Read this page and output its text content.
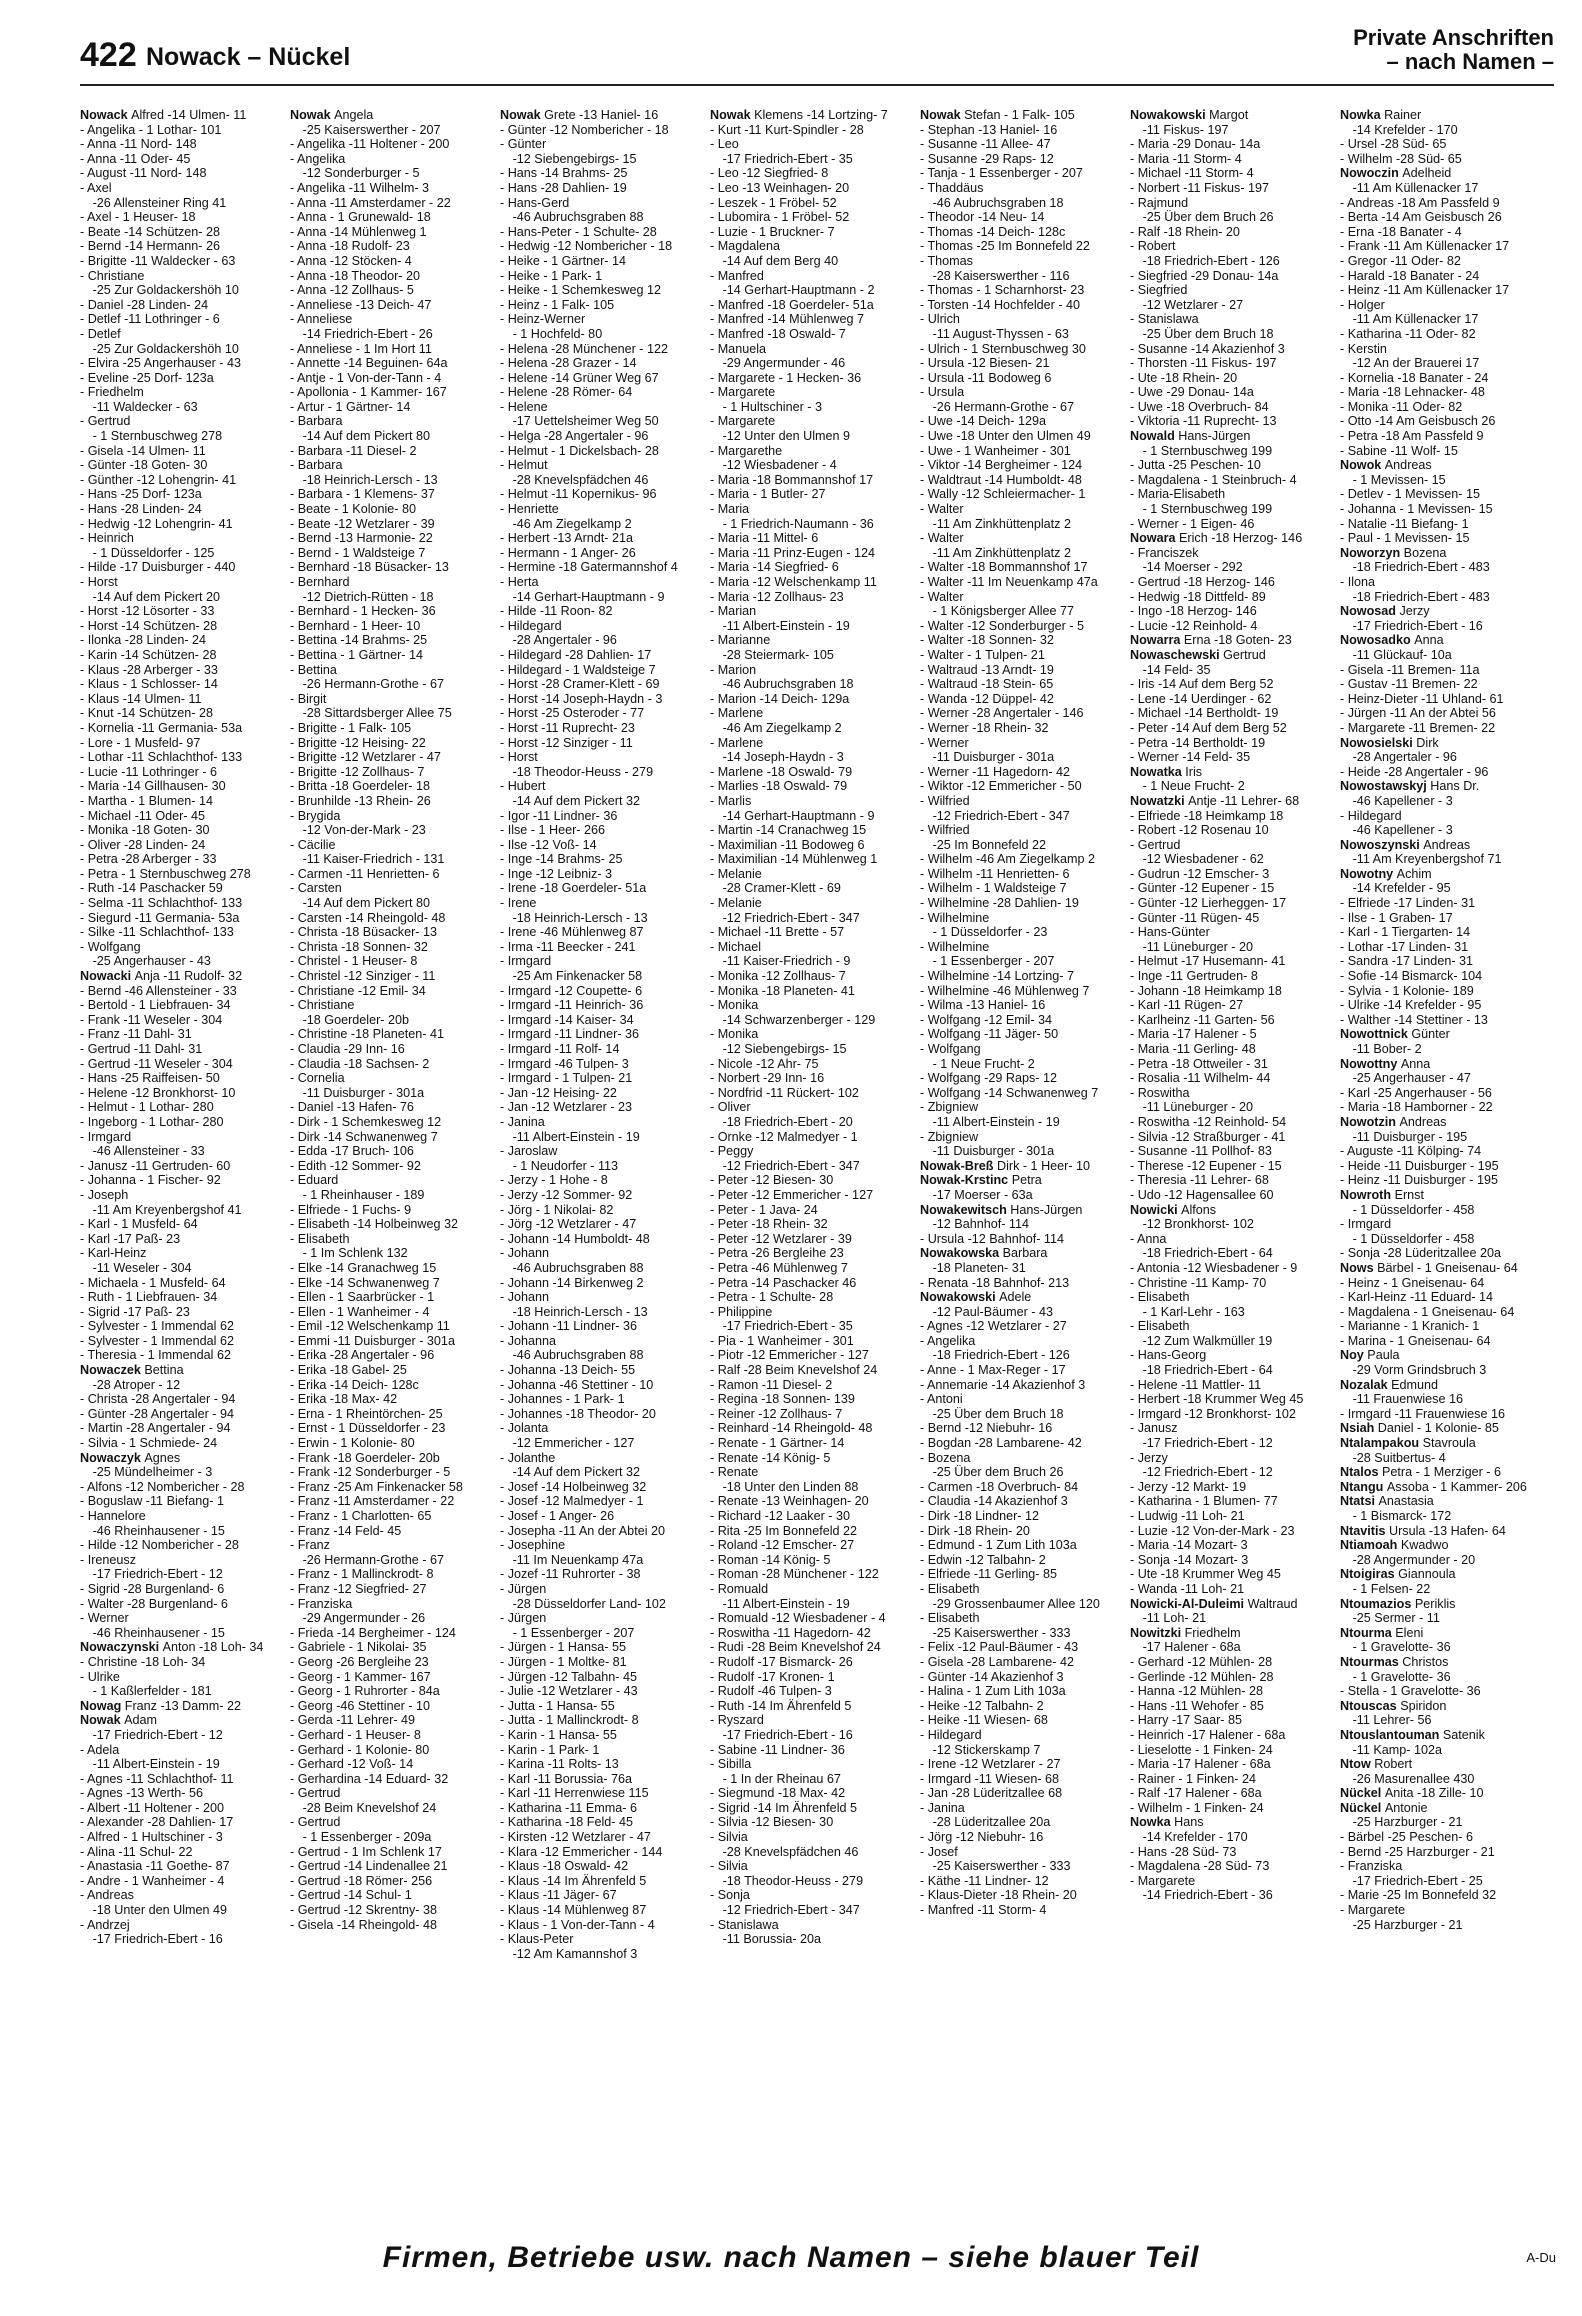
422 Nowack – Nückel
Private Anschriften
– nach Namen –
Nowack Alfred -14 Ulmen- 11
- Angelika - 1 Lothar- 101
- Anna -11 Nord- 148
- Anna -11 Oder- 45
- August -11 Nord- 148
- Axel
 -26 Allensteiner Ring 41
- Axel - 1 Heuser- 18
- Beate -14 Schützen- 28
- Bernd -14 Hermann- 26
- Brigitte -11 Waldecker - 63
- Christiane
 -25 Zur Goldackershöh 10
- Daniel -28 Linden- 24
- Detlef -11 Lothringer - 6
- Detlef
 -25 Zur Goldackershöh 10
- Elvira -25 Angerhauser - 43
- Eveline -25 Dorf- 123a
- Friedhelm
 -11 Waldecker - 63
- Gertrud
 - 1 Sternbuschweg 278
- Gisela -14 Ulmen- 11
- Günter -18 Goten- 30
- Günther -12 Lohengrin- 41
- Hans -25 Dorf- 123a
- Hans -28 Linden- 24
- Hedwig -12 Lohengrin- 41
- Heinrich
 - 1 Düsseldorfer - 125
- Hilde -17 Duisburger - 440
- Horst
 -14 Auf dem Pickert 20
- Horst -12 Lösorter - 33
- Horst -14 Schützen- 28
- Ilonka -28 Linden- 24
- Karin -14 Schützen- 28
- Klaus -28 Arberger - 33
- Klaus - 1 Schlosser- 14
- Klaus -14 Ulmen- 11
- Knut -14 Schützen- 28
- Kornelia -11 Germania- 53a
- Lore - 1 Musfeld- 97
- Lothar -11 Schlachthof- 133
- Lucie -11 Lothringer - 6
- Maria -14 Gillhausen- 30
- Martha - 1 Blumen- 14
- Michael -11 Oder- 45
- Monika -18 Goten- 30
- Oliver -28 Linden- 24
- Petra -28 Arberger - 33
- Petra - 1 Sternbuschweg 278
- Ruth -14 Paschacker 59
- Selma -11 Schlachthof- 133
- Siegurd -11 Germania- 53a
- Silke -11 Schlachthof- 133
- Wolfgang
 -25 Angerhauser - 43
Nowacki Anja -11 Rudolf- 32
- Bernd -46 Allensteiner - 33
- Bertold - 1 Liebfrauen- 34
- Frank -11 Weseler - 304
- Franz -11 Dahl- 31
- Gertrud -11 Dahl- 31
- Gertrud -11 Weseler - 304
- Hans -25 Raiffeisen- 50
- Helene -12 Bronkhorst- 10
- Helmut - 1 Lothar- 280
- Ingeborg - 1 Lothar- 280
- Irmgard
 -46 Allensteiner - 33
- Janusz -11 Gertruden- 60
- Johanna - 1 Fischer- 92
- Joseph
 -11 Am Kreyenbergshof 41
- Karl - 1 Musfeld- 64
- Karl -17 Paß- 23
- Karl-Heinz
 -11 Weseler - 304
- Michaela - 1 Musfeld- 64
- Ruth - 1 Liebfrauen- 34
- Sigrid -17 Paß- 23
- Sylvester - 1 Immendal 62
- Sylvester - 1 Immendal 62
- Theresia - 1 Immendal 62
Nowaczek Bettina
 -28 Atroper - 12
- Christa -28 Angertaler - 94
- Günter -28 Angertaler - 94
- Martin -28 Angertaler - 94
- Silvia - 1 Schmiede- 24
Nowaczyk Agnes
 -25 Mündelheimer - 3
- Alfons -12 Nombericher - 28
- Boguslaw -11 Biefang- 1
- Hannelore
 -46 Rheinhausener - 15
- Hilde -12 Nombericher - 28
- Ireneusz
 -17 Friedrich-Ebert - 12
- Sigrid -28 Burgenland- 6
- Walter -28 Burgenland- 6
- Werner
 -46 Rheinhausener - 15
Nowaczynski Anton -18 Loh- 34
- Christine -18 Loh- 34
- Ulrike
 - 1 Kaßlerfelder - 181
Nowag Franz -13 Damm- 22
Nowak Adam
 -17 Friedrich-Ebert - 12
- Adela
 -11 Albert-Einstein - 19
- Agnes -11 Schlachthof- 11
- Agnes -13 Werth- 56
- Albert -11 Holtener - 200
- Alexander -28 Dahlien- 17
- Alfred - 1 Hultschiner - 3
- Alina -11 Schul- 22
- Anastasia -11 Goethe- 87
- Andre - 1 Wanheimer - 4
- Andreas
 -18 Unter den Ulmen 49
- Andrzej
 -17 Friedrich-Ebert - 16
Nowak Angela
 -25 Kaiserswerther - 207
- Angelika -11 Holtener - 200
- Angelika
 -12 Sonderburger - 5
- Angelika -11 Wilhelm- 3
- Anna -11 Amsterdamer - 22
- Anna - 1 Grunewald- 18
- Anna -14 Mühlenweg 1
- Anna -18 Rudolf- 23
- Anna -12 Stöcken- 4
- Anna -18 Theodor- 20
- Anna -12 Zollhaus- 5
- Anneliese -13 Deich- 47
- Anneliese
 -14 Friedrich-Ebert - 26
- Anneliese - 1 Im Hort 11
- Annette -14 Beguinen- 64a
- Antje - 1 Von-der-Tann - 4
- Apollonia - 1 Kammer- 167
- Artur - 1 Gärtner- 14
- Barbara
 -14 Auf dem Pickert 80
- Barbara -11 Diesel- 2
- Barbara
 -18 Heinrich-Lersch - 13
- Barbara - 1 Klemens- 37
- Beate - 1 Kolonie- 80
- Beate -12 Wetzlarer - 39
- Bernd -13 Harmonie- 22
- Bernd - 1 Waldsteige 7
- Bernhard -18 Büsacker- 13
- Bernhard
 -12 Dietrich-Rütten - 18
- Bernhard - 1 Hecken- 36
- Bernhard - 1 Heer- 10
- Bettina -14 Brahms- 25
- Bettina - 1 Gärtner- 14
- Bettina
 -26 Hermann-Grothe - 67
- Birgit
 -28 Sittardsberger Allee 75
- Brigitte - 1 Falk- 105
- Brigitte -12 Heising- 22
- Brigitte -12 Wetzlarer - 47
- Brigitte -12 Zollhaus- 7
- Britta -18 Goerdeler- 18
- Brunhilde -13 Rhein- 26
- Brygida
 -12 Von-der-Mark - 23
- Cäcilie
 -11 Kaiser-Friedrich - 131
- Carmen -11 Henrietten- 6
- Carsten
 -14 Auf dem Pickert 80
- Carsten -14 Rheingold- 48
- Christa -18 Büsacker- 13
- Christa -18 Sonnen- 32
- Christel - 1 Heuser- 8
- Christel -12 Sinziger - 11
- Christiane -12 Emil- 34
- Christiane
 -18 Goerdeler- 20b
- Christine -18 Planeten- 41
- Claudia -29 Inn- 16
- Claudia -18 Sachsen- 2
- Cornelia
 -11 Duisburger - 301a
- Daniel -13 Hafen- 76
- Dirk - 1 Schemkesweg 12
- Dirk -14 Schwanenweg 7
- Edda -17 Bruch- 106
- Edith -12 Sommer- 92
- Eduard
 - 1 Rheinhauser - 189
- Elfriede - 1 Fuchs- 9
- Elisabeth -14 Holbeinweg 32
- Elisabeth
 - 1 Im Schlenk 132
- Elke -14 Granachweg 15
- Elke -14 Schwanenweg 7
- Ellen - 1 Saarbrücker - 1
- Ellen - 1 Wanheimer - 4
- Emil -12 Welschenkamp 11
- Emmi -11 Duisburger - 301a
- Erika -28 Angertaler - 96
- Erika -18 Gabel- 25
- Erika -14 Deich- 128c
- Erika -18 Max- 42
- Erna - 1 Rheintörchen- 25
- Ernst - 1 Düsseldorfer - 23
- Erwin - 1 Kolonie- 80
- Frank -18 Goerdeler- 20b
- Frank -12 Sonderburger - 5
- Franz -25 Am Finkenacker 58
- Franz -11 Amsterdamer - 22
- Franz - 1 Charlotten- 65
- Franz -14 Feld- 45
- Franz
 -26 Hermann-Grothe - 67
- Franz - 1 Mallinckrodt- 8
- Franz -12 Siegfried- 27
- Franziska
 -29 Angermunder - 26
- Frieda -14 Bergheimer - 124
- Gabriele - 1 Nikolai- 35
- Georg -26 Bergleihe 23
- Georg - 1 Kammer- 167
- Georg - 1 Ruhrorter - 84a
- Georg -46 Stettiner - 10
- Gerda -11 Lehrer- 49
- Gerhard - 1 Heuser- 8
- Gerhard - 1 Kolonie- 80
- Gerhard -12 Voß- 14
- Gerhardina -14 Eduard- 32
- Gertrud
 -28 Beim Knevelshof 24
- Gertrud
 - 1 Essenberger - 209a
- Gertrud - 1 Im Schlenk 17
- Gertrud -14 Lindenallee 21
- Gertrud -18 Römer- 256
- Gertrud -14 Schul- 1
- Gertrud -12 Skrentny- 38
- Gisela -14 Rheingold- 48
Nowak Grete -13 Haniel- 16
- Günter -12 Nombericher - 18
- Günter
 -12 Siebengebirgs- 15
- Hans -14 Brahms- 25
- Hans -28 Dahlien- 19
- Hans-Gerd
 -46 Aubruchsgraben 88
- Hans-Peter - 1 Schulte- 28
- Hedwig -12 Nombericher - 18
- Heike - 1 Gärtner- 14
- Heike - 1 Park- 1
- Heike - 1 Schemkesweg 12
- Heinz - 1 Falk- 105
- Heinz-Werner
 - 1 Hochfeld- 80
- Helena -28 Münchener - 122
- Helena -28 Grazer - 14
- Helene -14 Grüner Weg 67
- Helene -28 Römer- 64
- Helene
 -17 Uettelsheimer Weg 50
- Helga -28 Angertaler - 96
- Helmut - 1 Dickelsbach- 28
- Helmut
 -28 Knevelspfädchen 46
- Helmut -11 Kopernikus- 96
- Henriette
 -46 Am Ziegelkamp 2
- Herbert -13 Arndt- 21a
- Hermann - 1 Anger- 26
- Hermine -18 Gatermannshof 4
- Herta
 -14 Gerhart-Hauptmann - 9
- Hilde -11 Roon- 82
- Hildegard
 -28 Angertaler - 96
- Hildegard -28 Dahlien- 17
- Hildegard - 1 Waldsteige 7
- Horst -28 Cramer-Klett - 69
- Horst -14 Joseph-Haydn - 3
- Horst -25 Osteroder - 77
- Horst -11 Ruprecht- 23
- Horst -12 Sinziger - 11
- Horst
 -18 Theodor-Heuss - 279
- Hubert
 -14 Auf dem Pickert 32
- Igor -11 Lindner- 36
- Ilse - 1 Heer- 266
- Ilse -12 Voß- 14
- Inge -14 Brahms- 25
- Inge -12 Leibniz- 3
- Irene -18 Goerdeler- 51a
- Irene
 -18 Heinrich-Lersch - 13
- Irene -46 Mühlenweg 87
- Irma -11 Beecker - 241
- Irmgard
 -25 Am Finkenacker 58
- Irmgard -12 Coupette- 6
- Irmgard -11 Heinrich- 36
- Irmgard -14 Kaiser- 34
- Irmgard -11 Lindner- 36
- Irmgard -11 Rolf- 14
- Irmgard -46 Tulpen- 3
- Irmgard - 1 Tulpen- 21
- Jan -12 Heising- 22
- Jan -12 Wetzlarer - 23
- Janina
 -11 Albert-Einstein - 19
- Jaroslaw
 - 1 Neudorfer - 113
- Jerzy - 1 Hohe - 8
- Jerzy -12 Sommer- 92
- Jörg - 1 Nikolai- 82
- Jörg -12 Wetzlarer - 47
- Johann -14 Humboldt- 48
- Johann
 -46 Aubruchsgraben 88
- Johann -14 Birkenweg 2
- Johann
 -18 Heinrich-Lersch - 13
- Johann -11 Lindner- 36
- Johanna
 -46 Aubruchsgraben 88
- Johanna -13 Deich- 55
- Johanna -46 Stettiner - 10
- Johannes - 1 Park- 1
- Johannes -18 Theodor- 20
- Jolanta
 -12 Emmericher - 127
- Jolanthe
 -14 Auf dem Pickert 32
- Josef -14 Holbeinweg 32
- Josef -12 Malmedyer - 1
- Josef - 1 Anger- 26
- Josepha -11 An der Abtei 20
- Josephine
 -11 Im Neuenkamp 47a
- Jozef -11 Ruhrorter - 38
- Jürgen
 -28 Düsseldorfer Land- 102
- Jürgen
 - 1 Essenberger - 207
- Jürgen - 1 Hansa- 55
- Jürgen - 1 Moltke- 81
- Jürgen -12 Talbahn- 45
- Julie -12 Wetzlarer - 43
- Jutta - 1 Hansa- 55
- Jutta - 1 Mallinckrodt- 8
- Karin - 1 Hansa- 55
- Karin - 1 Park- 1
- Karina -11 Rolts- 13
- Karl -11 Borussia- 76a
- Karl -11 Herrenwiese 115
- Katharina -11 Emma- 6
- Katharina -18 Feld- 45
- Kirsten -12 Wetzlarer - 47
- Klara -12 Emmericher - 144
- Klaus -18 Oswald- 42
- Klaus -14 Im Ährenfeld 5
- Klaus -11 Jäger- 67
- Klaus -14 Mühlenweg 87
- Klaus - 1 Von-der-Tann - 4
- Klaus-Peter
 -12 Am Kamannshof 3
Nowak Klemens -14 Lortzing- 7
- Kurt -11 Kurt-Spindler - 28
- Leo
 -17 Friedrich-Ebert - 35
- Leo -12 Siegfried- 8
- Leo -13 Weinhagen- 20
- Leszek - 1 Fröbel- 52
- Lubomira - 1 Fröbel- 52
- Luzie - 1 Bruckner- 7
- Magdalena
 -14 Auf dem Berg 40
- Manfred
 -14 Gerhart-Hauptmann - 2
- Manfred -18 Goerdeler- 51a
- Manfred -14 Mühlenweg 7
- Manfred -18 Oswald- 7
- Manuela
 -29 Angermunder - 46
- Margarete - 1 Hecken- 36
- Margarete
 - 1 Hultschiner - 3
- Margarete
 -12 Unter den Ulmen 9
- Margarethe
 -12 Wiesbadener - 4
- Maria -18 Bommannshof 17
- Maria - 1 Butler- 27
- Maria
 - 1 Friedrich-Naumann - 36
- Maria -11 Mittel- 6
- Maria -11 Prinz-Eugen - 124
- Maria -14 Siegfried- 6
- Maria -12 Welschenkamp 11
- Maria -12 Zollhaus- 23
- Marian
 -11 Albert-Einstein - 19
- Marianne
 -28 Steiermark- 105
- Marion
 -46 Aubruchsgraben 18
- Marion -14 Deich- 129a
- Marlene
 -46 Am Ziegelkamp 2
- Marlene
 -14 Joseph-Haydn - 3
- Marlene -18 Oswald- 79
- Marlies -18 Oswald- 79
- Marlis
 -14 Gerhart-Hauptmann - 9
- Martin -14 Cranachweg 15
- Maximilian -11 Bodoweg 6
- Maximilian -14 Mühlenweg 1
- Melanie
 -28 Cramer-Klett - 69
- Melanie
 -12 Friedrich-Ebert - 347
- Michael -11 Brette - 57
- Michael
 -11 Kaiser-Friedrich - 9
- Monika -12 Zollhaus- 7
- Monika -18 Planeten- 41
- Monika
 -14 Schwarzenberger - 129
- Monika
 -12 Siebengebirgs- 15
- Nicole -12 Ahr- 75
- Norbert -29 Inn- 16
- Nordfrid -11 Rückert- 102
- Oliver
 -18 Friedrich-Ebert - 20
- Ornke -12 Malmedyer - 1
- Peggy
 -12 Friedrich-Ebert - 347
- Peter -12 Biesen- 30
- Peter -12 Emmericher - 127
- Peter - 1 Java- 24
- Peter -18 Rhein- 32
- Peter -12 Wetzlarer - 39
- Petra -26 Bergleihe 23
- Petra -46 Mühlenweg 7
- Petra -14 Paschacker 46
- Petra - 1 Schulte- 28
- Philippine
 -17 Friedrich-Ebert - 35
- Pia - 1 Wanheimer - 301
- Piotr -12 Emmericher - 127
- Ralf -28 Beim Knevelshof 24
- Ramon -11 Diesel- 2
- Regina -18 Sonnen- 139
- Reiner -12 Zollhaus- 7
- Reinhard -14 Rheingold- 48
- Renate - 1 Gärtner- 14
- Renate -14 König- 5
- Renate
 -18 Unter den Linden 88
- Renate -13 Weinhagen- 20
- Richard -12 Laaker - 30
- Rita -25 Im Bonnefeld 22
- Roland -12 Emscher- 27
- Roman -14 König- 5
- Roman -28 Münchener - 122
- Romuald
 -11 Albert-Einstein - 19
- Romuald -12 Wiesbadener - 4
- Roswitha -11 Hagedorn- 42
- Rudi -28 Beim Knevelshof 24
- Rudolf -17 Bismarck- 26
- Rudolf -17 Kronen- 1
- Rudolf -46 Tulpen- 3
- Ruth -14 Im Ährenfeld 5
- Ryszard
 -17 Friedrich-Ebert - 16
- Sabine -11 Lindner- 36
- Sibilla
 - 1 In der Rheinau 67
- Siegmund -18 Max- 42
- Sigrid -14 Im Ährenfeld 5
- Silvia -12 Biesen- 30
- Silvia
 -28 Knevelspfädchen 46
- Silvia
 -18 Theodor-Heuss - 279
- Sonja
 -12 Friedrich-Ebert - 347
- Stanislawa
 -11 Borussia- 20a
Nowak Stefan - 1 Falk- 105
- Stephan -13 Haniel- 16
- Susanne -11 Allee- 47
- Susanne -29 Raps- 12
- Tanja - 1 Essenberger - 207
- Thaddäus
 -46 Aubruchsgraben 18
- Theodor -14 Neu- 14
- Thomas -14 Deich- 128c
- Thomas -25 Im Bonnefeld 22
- Thomas
 -28 Kaiserswerther - 116
- Thomas - 1 Scharnhorst- 23
- Torsten -14 Hochfelder - 40
- Ulrich
 -11 August-Thyssen - 63
- Ulrich - 1 Sternbuschweg 30
- Ursula -12 Biesen- 21
- Ursula -11 Bodoweg 6
- Ursula
 -26 Hermann-Grothe - 67
- Uwe -14 Deich- 129a
- Uwe -18 Unter den Ulmen 49
- Uwe - 1 Wanheimer - 301
- Viktor -14 Bergheimer - 124
- Waldtraut -14 Humboldt- 48
- Wally -12 Schleiermacher- 1
- Walter
 -11 Am Zinkhüttenplatz 2
- Walter
 -11 Am Zinkhüttenplatz 2
- Walter -18 Bommannshof 17
- Walter -11 Im Neuenkamp 47a
- Walter
 - 1 Königsberger Allee 77
- Walter -12 Sonderburger - 5
- Walter -18 Sonnen- 32
- Walter - 1 Tulpen- 21
- Waltraud -13 Arndt- 19
- Waltraud -18 Stein- 65
- Wanda -12 Düppel- 42
- Werner -28 Angertaler - 146
- Werner -18 Rhein- 32
- Werner
 -11 Duisburger - 301a
- Werner -11 Hagedorn- 42
- Wiktor -12 Emmericher - 50
- Wilfried
 -12 Friedrich-Ebert - 347
- Wilfried
 -25 Im Bonnefeld 22
- Wilhelm -46 Am Ziegelkamp 2
- Wilhelm -11 Henrietten- 6
- Wilhelm - 1 Waldsteige 7
- Wilhelmine -28 Dahlien- 19
- Wilhelmine
 - 1 Düsseldorfer - 23
- Wilhelmine
 - 1 Essenberger - 207
- Wilhelmine -14 Lortzing- 7
- Wilhelmine -46 Mühlenweg 7
- Wilma -13 Haniel- 16
- Wolfgang -12 Emil- 34
- Wolfgang -11 Jäger- 50
- Wolfgang
 - 1 Neue Frucht- 2
- Wolfgang -29 Raps- 12
- Wolfgang -14 Schwanenweg 7
- Zbigniew
 -11 Albert-Einstein - 19
- Zbigniew
 -11 Duisburger - 301a
Nowak-Breß Dirk - 1 Heer- 10
Nowak-Krstinc Petra
 -17 Moerser - 63a
Nowakewitsch Hans-Jürgen
 -12 Bahnhof- 114
- Ursula -12 Bahnhof- 114
Nowakowska Barbara
 -18 Planeten- 31
- Renata -18 Bahnhof- 213
Nowakowski Adele
 -12 Paul-Bäumer - 43
- Agnes -12 Wetzlarer - 27
- Angelika
 -18 Friedrich-Ebert - 126
- Anne - 1 Max-Reger - 17
- Annemarie -14 Akazienhof 3
- Antoni
 -25 Über dem Bruch 18
- Bernd -12 Niebuhr- 16
- Bogdan -28 Lambarene- 42
- Bozena
 -25 Über dem Bruch 26
- Carmen -18 Overbruch- 84
- Claudia -14 Akazienhof 3
- Dirk -18 Lindner- 12
- Dirk -18 Rhein- 20
- Edmund - 1 Zum Lith 103a
- Edwin -12 Talbahn- 2
- Elfriede -11 Gerling- 85
- Elisabeth
 -29 Grossenbaumer Allee 120
- Elisabeth
 -25 Kaiserswerther - 333
- Felix -12 Paul-Bäumer - 43
- Gisela -28 Lambarene- 42
- Günter -14 Akazienhof 3
- Halina - 1 Zum Lith 103a
- Heike -12 Talbahn- 2
- Heike -11 Wiesen- 68
- Hildegard
 -12 Stickerskamp 7
- Irene -12 Wetzlarer - 27
- Irmgard -11 Wiesen- 68
- Jan -28 Lüderitzallee 68
- Janina
 -28 Lüderitzallee 20a
- Jörg -12 Niebuhr- 16
- Josef
 -25 Kaiserswerther - 333
- Käthe -11 Lindner- 12
- Klaus-Dieter -18 Rhein- 20
- Manfred -11 Storm- 4
Nowakowski Margot
 -11 Fiskus- 197
- Maria -29 Donau- 14a
- Maria -11 Storm- 4
- Michael -11 Storm- 4
- Norbert -11 Fiskus- 197
- Rajmund
 -25 Über dem Bruch 26
- Ralf -18 Rhein- 20
- Robert
 -18 Friedrich-Ebert - 126
- Siegfried -29 Donau- 14a
- Siegfried
 -12 Wetzlarer - 27
- Stanislawa
 -25 Über dem Bruch 18
- Susanne -14 Akazienhof 3
- Thorsten -11 Fiskus- 197
- Ute -18 Rhein- 20
- Uwe -29 Donau- 14a
- Uwe -18 Overbruch- 84
- Viktoria -11 Ruprecht- 13
Nowald Hans-Jürgen
 - 1 Sternbuschweg 199
- Jutta -25 Peschen- 10
- Magdalena - 1 Steinbruch- 4
- Maria-Elisabeth
 - 1 Sternbuschweg 199
- Werner - 1 Eigen- 46
Nowara Erich -18 Herzog- 146
- Franciszek
 -14 Moerser - 292
- Gertrud -18 Herzog- 146
- Hedwig -18 Dittfeld- 89
- Ingo -18 Herzog- 146
- Lucie -12 Reinhold- 4
Nowarra Erna -18 Goten- 23
Nowaschewski Gertrud
 -14 Feld- 35
- Iris -14 Auf dem Berg 52
- Lene -14 Uerdinger - 62
- Michael -14 Bertholdt- 19
- Peter -14 Auf dem Berg 52
- Petra -14 Bertholdt- 19
- Werner -14 Feld- 35
Nowatka Iris
 - 1 Neue Frucht- 2
Nowatzki Antje -11 Lehrer- 68
- Elfriede -18 Heimkamp 18
- Robert -12 Rosenau 10
- Gertrud
 -12 Wiesbadener - 62
- Gudrun -12 Emscher- 3
- Günter -12 Eupener - 15
- Günter -12 Lierheggen- 17
- Günter -11 Rügen- 45
- Hans-Günter
 -11 Lüneburger - 20
- Helmut -17 Husemann- 41
- Inge -11 Gertruden- 8
- Johann -18 Heimkamp 18
- Karl -11 Rügen- 27
- Karlheinz -11 Garten- 56
- Maria -17 Halener - 5
- Maria -11 Gerling- 48
- Petra -18 Ottweiler - 31
- Rosalia -11 Wilhelm- 44
- Roswitha
 -11 Lüneburger - 20
- Roswitha -12 Reinhold- 54
- Silvia -12 Straßburger - 41
- Susanne -11 Pollhof- 83
- Therese -12 Eupener - 15
- Theresia -11 Lehrer- 68
- Udo -12 Hagensallee 60
Nowicki Alfons
 -12 Bronkhorst- 102
- Anna
 -18 Friedrich-Ebert - 64
- Antonia -12 Wiesbadener - 9
- Christine -11 Kamp- 70
- Elisabeth
 - 1 Karl-Lehr - 163
- Elisabeth
 -12 Zum Walkmüller 19
- Hans-Georg
 -18 Friedrich-Ebert - 64
- Helene -11 Mattler- 11
- Herbert -18 Krummer Weg 45
- Irmgard -12 Bronkhorst- 102
- Janusz
 -17 Friedrich-Ebert - 12
- Jerzy
 -12 Friedrich-Ebert - 12
- Jerzy -12 Markt- 19
- Katharina - 1 Blumen- 77
- Ludwig -11 Loh- 21
- Luzie -12 Von-der-Mark - 23
- Maria -14 Mozart- 3
- Sonja -14 Mozart- 3
- Ute -18 Krummer Weg 45
- Wanda -11 Loh- 21
Nowicki-Al-Duleimi Waltraud
 -11 Loh- 21
Nowitzki Friedhelm
 -17 Halener - 68a
- Gerhard -12 Mühlen- 28
- Gerlinde -12 Mühlen- 28
- Hanna -12 Mühlen- 28
- Hans -11 Wehofer - 85
- Harry -17 Saar- 85
- Heinrich -17 Halener - 68a
- Lieselotte - 1 Finken- 24
- Maria -17 Halener - 68a
- Rainer - 1 Finken- 24
- Ralf -17 Halener - 68a
- Wilhelm - 1 Finken- 24
Nowka Hans
 -14 Krefelder - 170
- Hans -28 Süd- 73
- Magdalena -28 Süd- 73
- Margarete
 -14 Friedrich-Ebert - 36
Nowka Rainer
 -14 Krefelder - 170
- Ursel -28 Süd- 65
- Wilhelm -28 Süd- 65
Nowoczin Adelheid
 -11 Am Küllenacker 17
- Andreas -18 Am Passfeld 9
- Berta -14 Am Geisbusch 26
- Erna -18 Banater - 4
- Frank -11 Am Küllenacker 17
- Gregor -11 Oder- 82
- Harald -18 Banater - 24
- Heinz -11 Am Küllenacker 17
- Holger
 -11 Am Küllenacker 17
- Katharina -11 Oder- 82
- Kerstin
 -12 An der Brauerei 17
- Kornelia -18 Banater - 24
- Maria -18 Lehnacker- 48
- Monika -11 Oder- 82
- Otto -14 Am Geisbusch 26
- Petra -18 Am Passfeld 9
- Sabine -11 Wolf- 15
Nowok Andreas
 - 1 Mevissen- 15
- Detlev - 1 Mevissen- 15
- Johanna - 1 Mevissen- 15
- Natalie -11 Biefang- 1
- Paul - 1 Mevissen- 15
Noworzyn Bozena
 -18 Friedrich-Ebert - 483
- Ilona
 -18 Friedrich-Ebert - 483
Nowosad Jerzy
 -17 Friedrich-Ebert - 16
Nowosadko Anna
 -11 Glückauf- 10a
- Gisela -11 Bremen- 11a
- Gustav -11 Bremen- 22
- Heinz-Dieter -11 Uhland- 61
- Jürgen -11 An der Abtei 56
- Margarete -11 Bremen- 22
Nowosielski Dirk
 -28 Angertaler - 96
- Heide -28 Angertaler - 96
Nowostawskyj Hans Dr.
 -46 Kapellener - 3
- Hildegard
 -46 Kapellener - 3
Nowoszynski Andreas
 -11 Am Kreyenbergshof 71
Nowotny Achim
 -14 Krefelder - 95
- Elfriede -17 Linden- 31
- Ilse - 1 Graben- 17
- Karl - 1 Tiergarten- 14
- Lothar -17 Linden- 31
- Sandra -17 Linden- 31
- Sofie -14 Bismarck- 104
- Sylvia - 1 Kolonie- 189
- Ulrike -14 Krefelder - 95
- Walther -14 Stettiner - 13
Nowottnick Günter
 -11 Bober- 2
Nowottny Anna
 -25 Angerhauser - 47
- Karl -25 Angerhauser - 56
- Maria -18 Hamborner - 22
Nowotzin Andreas
 -11 Duisburger - 195
- Auguste -11 Kölping- 74
- Heide -11 Duisburger - 195
- Heinz -11 Duisburger - 195
Nowroth Ernst
 - 1 Düsseldorfer - 458
- Irmgard
 - 1 Düsseldorfer - 458
- Sonja -28 Lüderitzallee 20a
Nows Bärbel - 1 Gneisenau- 64
- Heinz - 1 Gneisenau- 64
- Karl-Heinz -11 Eduard- 14
- Magdalena - 1 Gneisenau- 64
- Marianne - 1 Kranich- 1
- Marina - 1 Gneisenau- 64
Noy Paula
 -29 Vorm Grindsbruch 3
Nozalak Edmund
 -11 Frauenwiese 16
- Irmgard -11 Frauenwiese 16
Nsiah Daniel - 1 Kolonie- 85
Ntalampakou Stavroula
 -28 Suitbertus- 4
Ntalos Petra - 1 Merziger - 6
Ntangu Assoba - 1 Kammer- 206
Ntatsi Anastasia
 - 1 Bismarck- 172
Ntavitis Ursula -13 Hafen- 64
Ntiamoah Kwadwo
 -28 Angermunder - 20
Ntoigiras Giannoula
 - 1 Felsen- 22
Ntoumazios Periklis
 -25 Sermer - 11
Ntourma Eleni
 - 1 Gravelotte- 36
Ntourmas Christos
 - 1 Gravelotte- 36
- Stella - 1 Gravelotte- 36
Ntouscas Spiridon
 -11 Lehrer- 56
Ntouslantouman Satenik
 -11 Kamp- 102a
Ntow Robert
 -26 Masurenallee 430
Nückel Anita -18 Zille- 10
Nückel Antonie
 -25 Harzburger - 21
- Bärbel -25 Peschen- 6
- Bernd -25 Harzburger - 21
- Franziska
 -17 Friedrich-Ebert - 25
- Marie -25 Im Bonnefeld 32
- Margarete
 -25 Harzburger - 21
Firmen, Betriebe usw. nach Namen – siehe blauer Teil	A-Du
